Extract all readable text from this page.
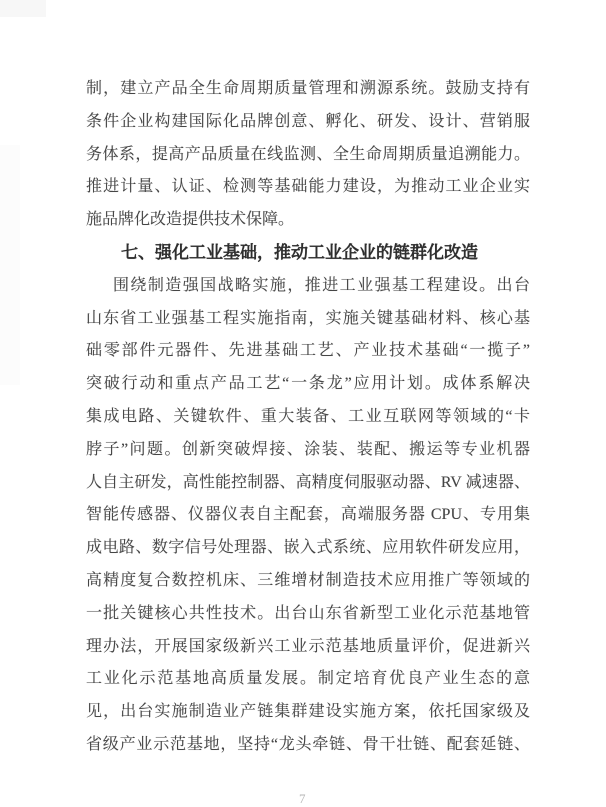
制，建立产品全生命周期质量管理和溯源系统。鼓励支持有

条件企业构建国际化品牌创意、孵化、研发、设计、营销服

务体系，提高产品质量在线监测、全生命周期质量追溯能力。

推进计量、认证、检测等基础能力建设，为推动工业企业实

施品牌化改造提供技术保障。

七、强化工业基础，推动工业企业的链群化改造

围绕制造强国战略实施，推进工业强基工程建设。出台

山东省工业强基工程实施指南，实施关键基础材料、核心基

础零部件元器件、先进基础工艺、产业技术基础“一揽子”

突破行动和重点产品工艺“一条龙”应用计划。成体系解决

集成电路、关键软件、重大装备、工业互联网等领域的“卡

脖子”问题。创新突破焊接、涂装、装配、搬运等专业机器

人自主研发，高性能控制器、高精度伺服驱动器、RV 减速器、

智能传感器、仪器仪表自主配套，高端服务器 CPU、专用集

成电路、数字信号处理器、嵌入式系统、应用软件研发应用，

高精度复合数控机床、三维增材制造技术应用推广等领域的

一批关键核心共性技术。出台山东省新型工业化示范基地管

理办法，开展国家级新兴工业示范基地质量评价，促进新兴

工业化示范基地高质量发展。制定培育优良产业生态的意

见，出台实施制造业产链集群建设实施方案，依托国家级及

省级产业示范基地，坚持“龙头牵链、骨干壮链、配套延链、

7
